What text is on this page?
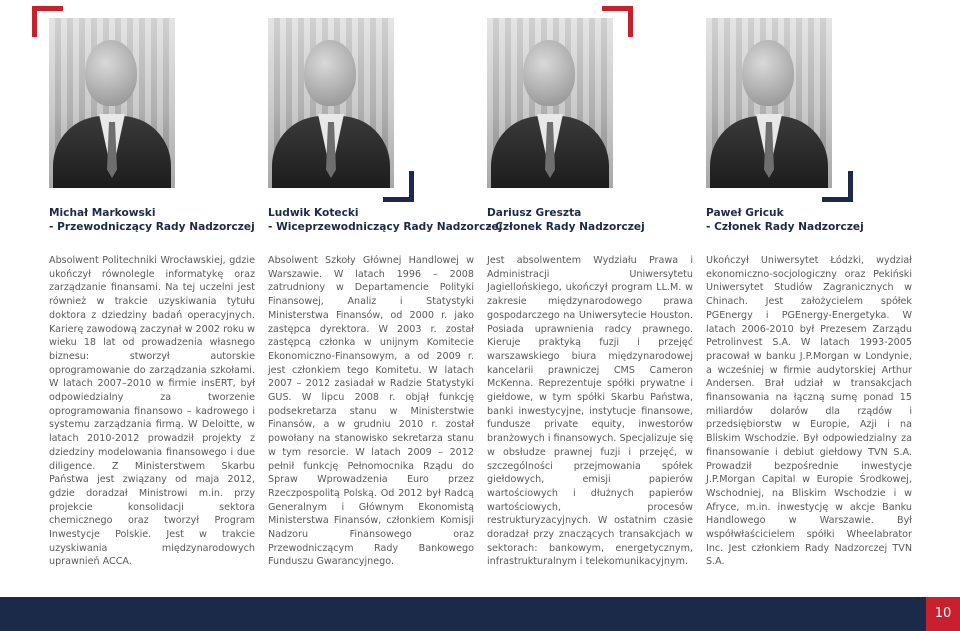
Michał Markowski
- Przewodniczący Rady Nadzorczej
Absolwent Politechniki Wrocławskiej, gdzie ukończył równolegle informatykę oraz zarządzanie finansami. Na tej uczelni jest również w trakcie uzyskiwania tytułu doktora z dziedziny badań operacyjnych. Karierę zawodową zaczynał w 2002 roku w wieku 18 lat od prowadzenia własnego biznesu: stworzył autorskie oprogramowanie do zarządzania szkołami. W latach 2007–2010 w firmie insERT, był odpowiedzialny za tworzenie oprogramowania finansowo – kadrowego i systemu zarządzania firmą. W Deloitte, w latach 2010-2012 prowadził projekty z dziedziny modelowania finansowego i due diligence. Z Ministerstwem Skarbu Państwa jest związany od maja 2012, gdzie doradzał Ministrowi m.in. przy projekcie konsolidacji sektora chemicznego oraz tworzył Program Inwestycje Polskie. Jest w trakcie uzyskiwania międzynarodowych uprawnień ACCA.
Ludwik Kotecki
- Wiceprzewodniczący Rady Nadzorczej
Absolwent Szkoły Głównej Handlowej w Warszawie. W latach 1996 – 2008 zatrudniony w Departamencie Polityki Finansowej, Analiz i Statystyki Ministerstwa Finansów, od 2000 r. jako zastępca dyrektora. W 2003 r. został zastępcą członka w unijnym Komitecie Ekonomiczno-Finansowym, a od 2009 r. jest członkiem tego Komitetu. W latach 2007 – 2012 zasiadał w Radzie Statystyki GUS. W lipcu 2008 r. objął funkcję podsekretarza stanu w Ministerstwie Finansów, a w grudniu 2010 r. został powołany na stanowisko sekretarza stanu w tym resorcie. W latach 2009 – 2012 pełnił funkcję Pełnomocnika Rządu do Spraw Wprowadzenia Euro przez Rzeczpospolitą Polską. Od 2012 był Radcą Generalnym i Głównym Ekonomistą Ministerstwa Finansów, członkiem Komisji Nadzoru Finansowego oraz Przewodniczącym Rady Bankowego Funduszu Gwarancyjnego.
Dariusz Greszta
- Członek Rady Nadzorczej
Jest absolwentem Wydziału Prawa i Administracji Uniwersytetu Jagiellońskiego, ukończył program LL.M. w zakresie międzynarodowego prawa gospodarczego na Uniwersytecie Houston. Posiada uprawnienia radcy prawnego. Kieruje praktyką fuzji i przejęć warszawskiego biura międzynarodowej kancelarii prawniczej CMS Cameron McKenna. Reprezentuje spółki prywatne i giełdowe, w tym spółki Skarbu Państwa, banki inwestycyjne, instytucje finansowe, fundusze private equity, inwestorów branżowych i finansowych. Specjalizuje się w obsłudze prawnej fuzji i przejęć, w szczególności przejmowania spółek giełdowych, emisji papierów wartościowych i dłużnych papierów wartościowych, procesów restrukturyzacyjnych. W ostatnim czasie doradzał przy znaczących transakcjach w sektorach: bankowym, energetycznym, infrastrukturalnym i telekomunikacyjnym.
Paweł Gricuk
- Członek Rady Nadzorczej
Ukończył Uniwersytet Łódzki, wydział ekonomiczno-socjologiczny oraz Pekiński Uniwersytet Studiów Zagranicznych w Chinach. Jest założycielem spółek PGEnergy i PGEnergy-Energetyka. W latach 2006-2010 był Prezesem Zarządu Petrolinvest S.A. W latach 1993-2005 pracował w banku J.P.Morgan w Londynie, a wcześniej w firmie audytorskiej Arthur Andersen. Brał udział w transakcjach finansowania na łączną sumę ponad 15 miliardów dolarów dla rządów i przedsiębiorstw w Europie, Azji i na Bliskim Wschodzie. Był odpowiedzialny za finansowanie i debiut giełdowy TVN S.A. Prowadził bezpośrednie inwestycje J.P.Morgan Capital w Europie Środkowej, Wschodniej, na Bliskim Wschodzie i w Afryce, m.in. inwestycję w akcje Banku Handlowego w Warszawie. Był współwłaścicielem spółki Wheelabrator Inc. Jest członkiem Rady Nadzorczej TVN S.A.
10
